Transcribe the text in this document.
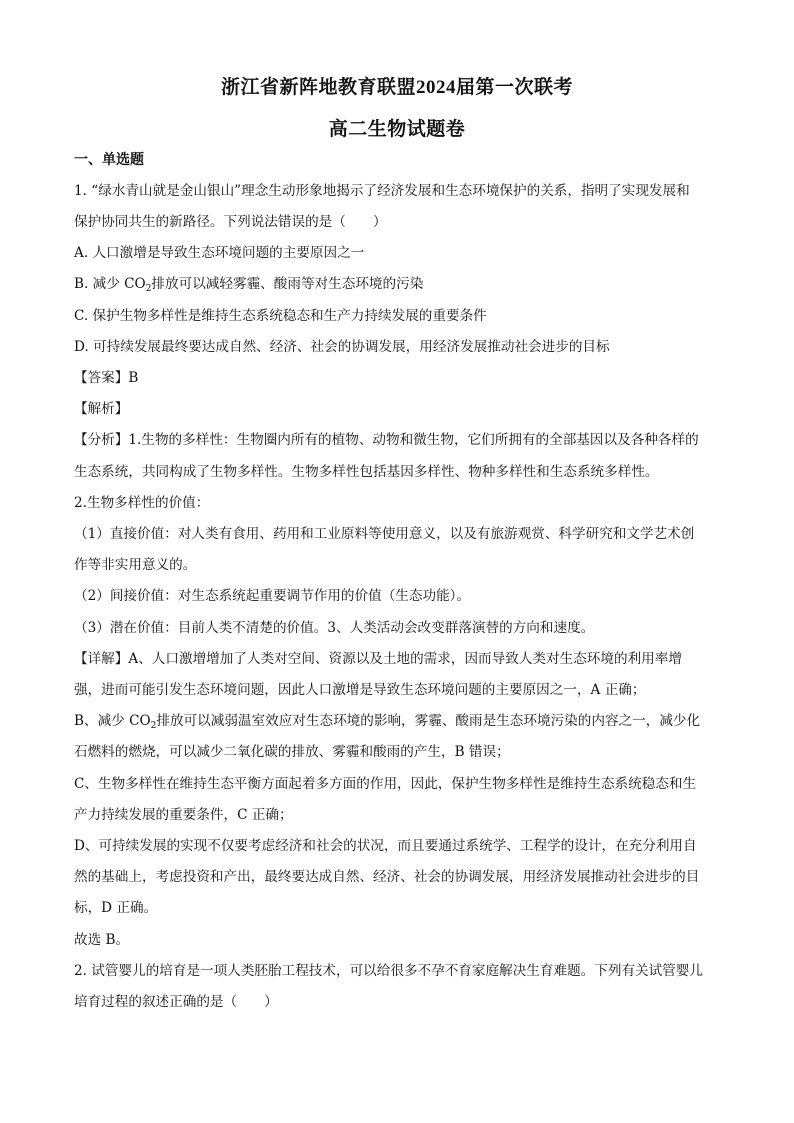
浙江省新阵地教育联盟2024届第一次联考
高二生物试题卷
一、单选题
1. “绿水青山就是金山银山”理念生动形象地揭示了经济发展和生态环境保护的关系，指明了实现发展和
保护协同共生的新路径。下列说法错误的是（　　）
A. 人口激增是导致生态环境问题的主要原因之一
B. 减少 $CO_2$排放可以减轻雾霾、酸雨等对生态环境的污染
C. 保护生物多样性是维持生态系统稳态和生产力持续发展的重要条件
D. 可持续发展最终要达成自然、经济、社会的协调发展，用经济发展推动社会进步的目标
【答案】B
【解析】
【分析】1.生物的多样性：生物圈内所有的植物、动物和微生物，它们所拥有的全部基因以及各种各样的
生态系统，共同构成了生物多样性。生物多样性包括基因多样性、物种多样性和生态系统多样性。
2.生物多样性的价值：
（1）直接价值：对人类有食用、药用和工业原料等使用意义，以及有旅游观赏、科学研究和文学艺术创
作等非实用意义的。
（2）间接价值：对生态系统起重要调节作用的价值（生态功能）。
（3）潜在价值：目前人类不清楚的价值。3、人类活动会改变群落演替的方向和速度。
【详解】A、人口激增增加了人类对空间、资源以及土地的需求，因而导致人类对生态环境的利用率增
强，进而可能引发生态环境问题，因此人口激增是导致生态环境问题的主要原因之一，A 正确；
B、减少 $CO_2$排放可以减弱温室效应对生态环境的影响，雾霾、酸雨是生态环境污染的内容之一，减少化
石燃料的燃烧，可以减少二氧化碳的排放、雾霾和酸雨的产生，B 错误；
C、生物多样性在维持生态平衡方面起着多方面的作用，因此，保护生物多样性是维持生态系统稳态和生
产力持续发展的重要条件，C 正确；
D、可持续发展的实现不仅要考虑经济和社会的状况，而且要通过系统学、工程学的设计，在充分利用自
然的基础上，考虑投资和产出，最终要达成自然、经济、社会的协调发展，用经济发展推动社会进步的目
标，D 正确。
故选 B。
2. 试管婴儿的培育是一项人类胚胎工程技术，可以给很多不孕不育家庭解决生育难题。下列有关试管婴儿
培育过程的叙述正确的是（　　）
